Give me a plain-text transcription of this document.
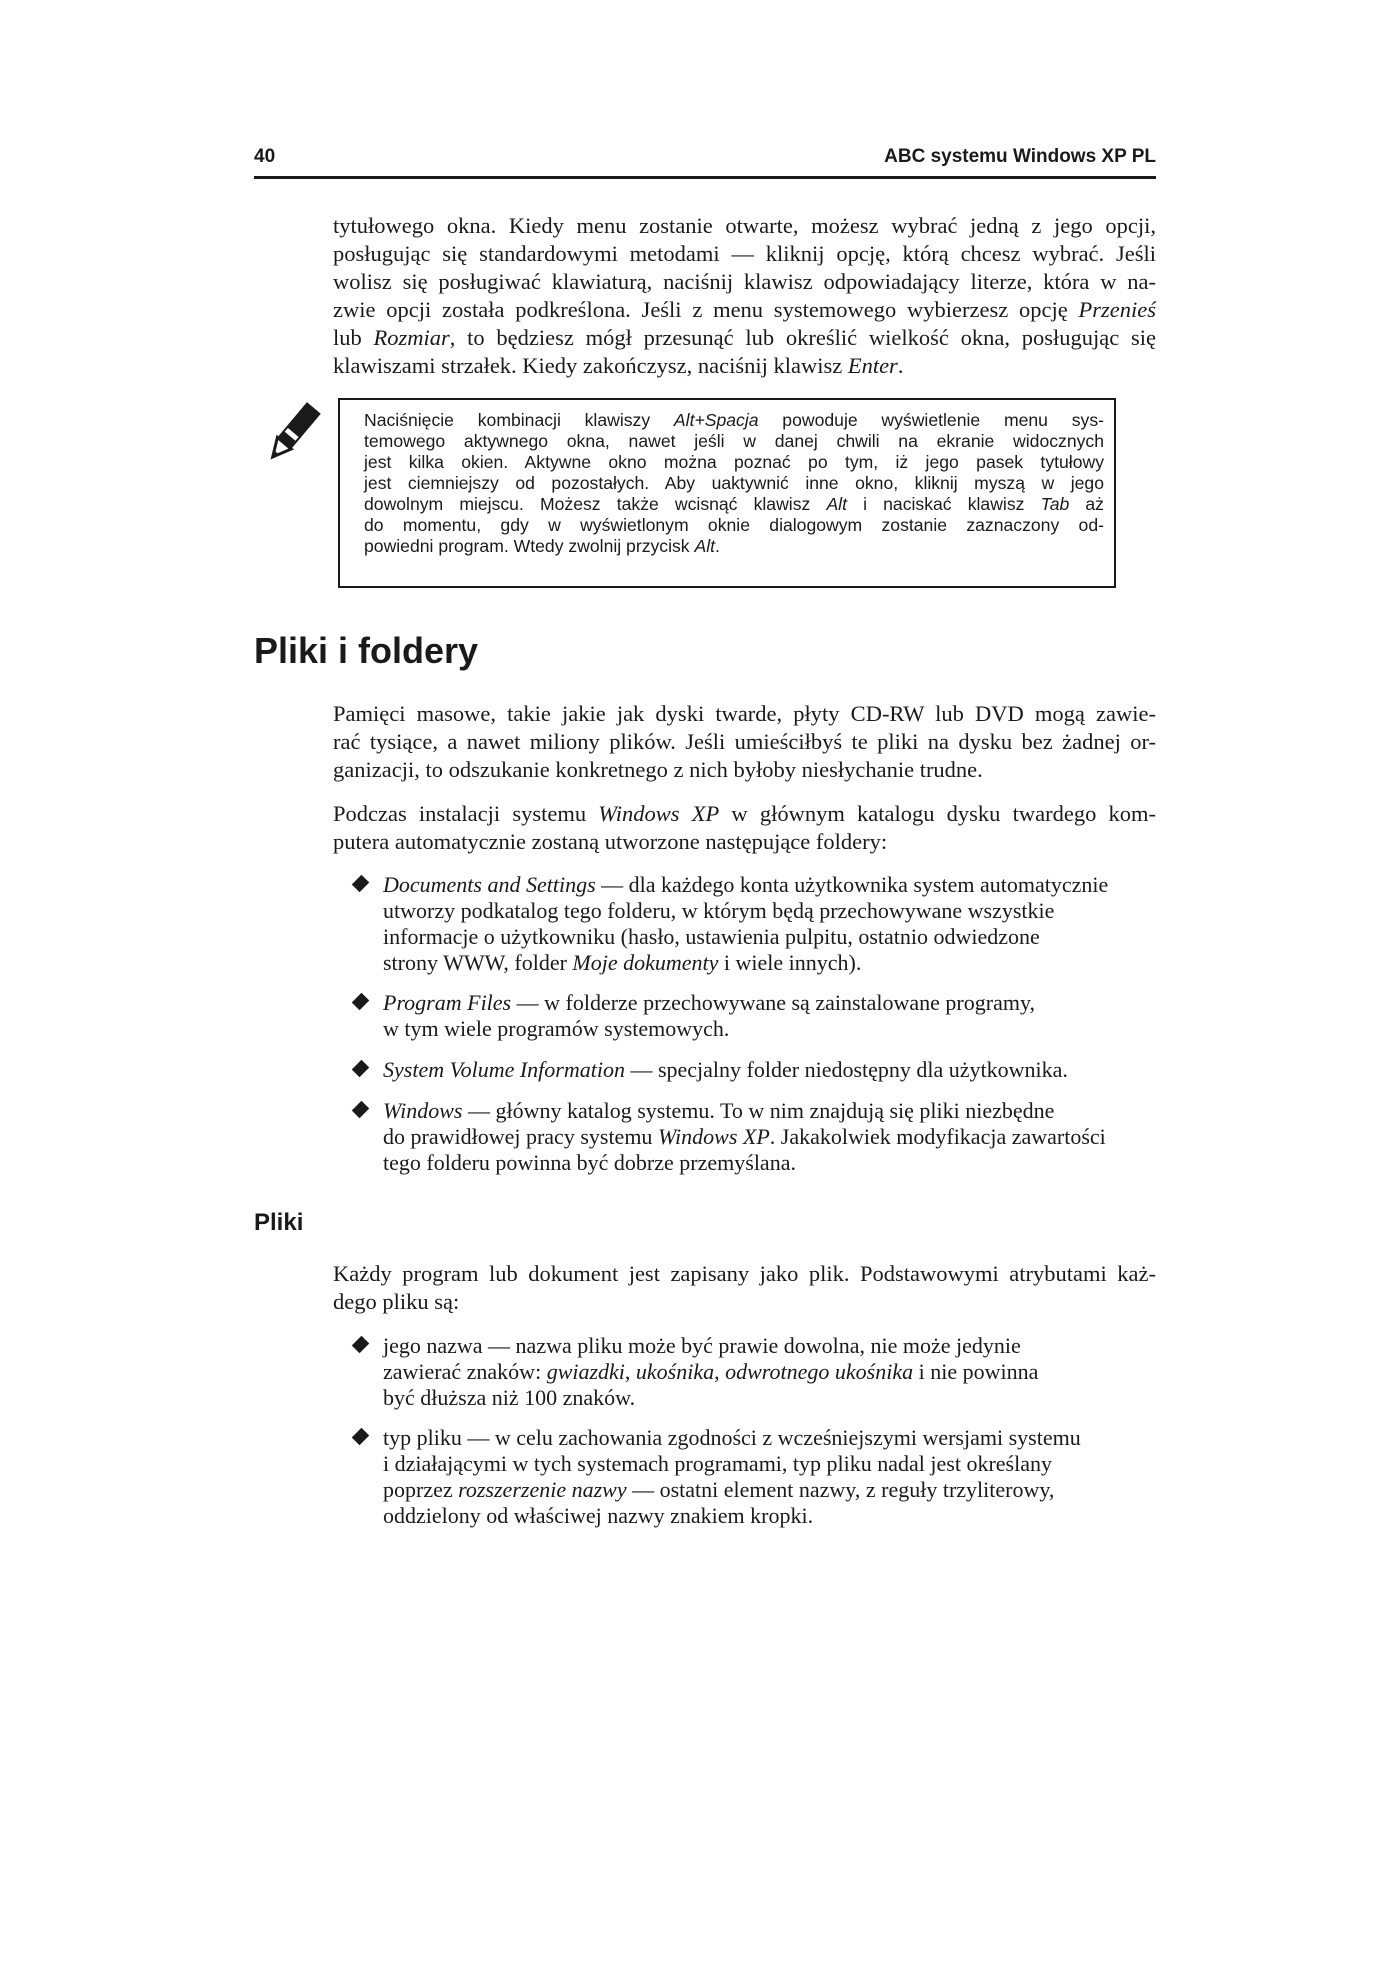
40	ABC systemu Windows XP PL

tytułowego okna. Kiedy menu zostanie otwarte, możesz wybrać jedną z jego opcji,
posługując się standardowymi metodami — kliknij opcję, którą chcesz wybrać. Jeśli
wolisz się posługiwać klawiaturą, naciśnij klawisz odpowiadający literze, która w na-
zwie opcji została podkreślona. Jeśli z menu systemowego wybierzesz opcję Przenieś
lub Rozmiar, to będziesz mógł przesunąć lub określić wielkość okna, posługując się
klawiszami strzałek. Kiedy zakończysz, naciśnij klawisz Enter.

Naciśnięcie kombinacji klawiszy Alt+Spacja powoduje wyświetlenie menu sys-
temowego aktywnego okna, nawet jeśli w danej chwili na ekranie widocznych
jest kilka okien. Aktywne okno można poznać po tym, iż jego pasek tytułowy
jest ciemniejszy od pozostałych. Aby uaktywnić inne okno, kliknij myszą w jego
dowolnym miejscu. Możesz także wcisnąć klawisz Alt i naciskać klawisz Tab aż
do momentu, gdy w wyświetlonym oknie dialogowym zostanie zaznaczony od-
powiedni program. Wtedy zwolnij przycisk Alt.
Pliki i foldery

Pamięci masowe, takie jakie jak dyski twarde, płyty CD-RW lub DVD mogą zawie-
rać tysiące, a nawet miliony plików. Jeśli umieściłbyś te pliki na dysku bez żadnej or-
ganizacji, to odszukanie konkretnego z nich byłoby niesłychanie trudne.

Podczas instalacji systemu Windows XP w głównym katalogu dysku twardego kom-
putera automatycznie zostaną utworzone następujące foldery:

Documents and Settings — dla każdego konta użytkownika system automatycznie
utworzy podkatalog tego folderu, w którym będą przechowywane wszystkie
informacje o użytkowniku (hasło, ustawienia pulpitu, ostatnio odwiedzone
strony WWW, folder Moje dokumenty i wiele innych).
Program Files — w folderze przechowywane są zainstalowane programy,
w tym wiele programów systemowych.
System Volume Information — specjalny folder niedostępny dla użytkownika.
Windows — główny katalog systemu. To w nim znajdują się pliki niezbędne
do prawidłowej pracy systemu Windows XP. Jakakolwiek modyfikacja zawartości
tego folderu powinna być dobrze przemyślana.
Pliki

Każdy program lub dokument jest zapisany jako plik. Podstawowymi atrybutami każ-
dego pliku są:

jego nazwa — nazwa pliku może być prawie dowolna, nie może jedynie
zawierać znaków: gwiazdki, ukośnika, odwrotnego ukośnika i nie powinna
być dłuższa niż 100 znaków.
typ pliku — w celu zachowania zgodności z wcześniejszymi wersjami systemu
i działającymi w tych systemach programami, typ pliku nadal jest określany
poprzez rozszerzenie nazwy — ostatni element nazwy, z reguły trzyliterowy,
oddzielony od właściwej nazwy znakiem kropki.
